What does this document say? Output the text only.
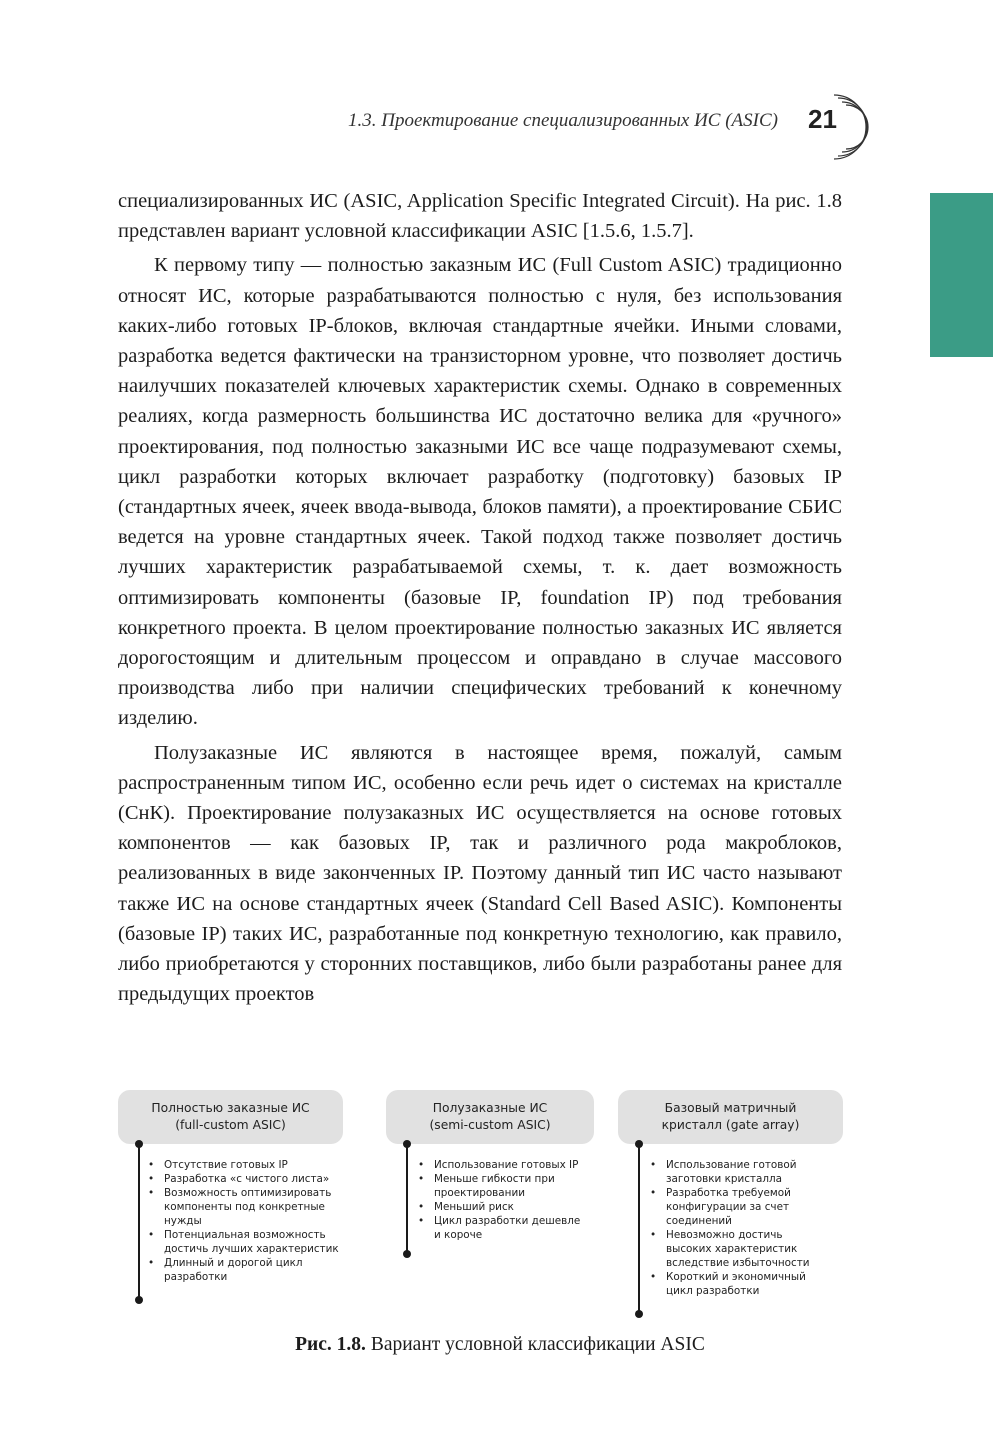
1.3. Проектирование специализированных ИС (ASIC) 21

специализированных ИС (ASIC, Application Specific Integrated Circuit). На рис. 1.8 представлен вариант условной классификации ASIC [1.5.6, 1.5.7].

К первому типу — полностью заказным ИС (Full Custom ASIC) традиционно относят ИС, которые разрабатываются полностью с нуля, без использования каких-либо готовых IP-блоков, включая стандартные ячейки. Иными словами, разработка ведется фактически на транзисторном уровне, что позволяет достичь наилучших показателей ключевых характеристик схемы. Однако в современных реалиях, когда размерность большинства ИС достаточно велика для «ручного» проектирования, под полностью заказными ИС все чаще подразумевают схемы, цикл разработки которых включает разработку (подготовку) базовых IP (стандартных ячеек, ячеек ввода-вывода, блоков памяти), а проектирование СБИС ведется на уровне стандартных ячеек. Такой подход также позволяет достичь лучших характеристик разрабатываемой схемы, т. к. дает возможность оптимизировать компоненты (базовые IP, foundation IP) под требования конкретного проекта. В целом проектирование полностью заказных ИС является дорогостоящим и длительным процессом и оправдано в случае массового производства либо при наличии специфических требований к конечному изделию.

Полузаказные ИС являются в настоящее время, пожалуй, самым распространенным типом ИС, особенно если речь идет о системах на кристалле (СнК). Проектирование полузаказных ИС осуществляется на основе готовых компонентов — как базовых IP, так и различного рода макроблоков, реализованных в виде законченных IP. Поэтому данный тип ИС часто называют также ИС на основе стандартных ячеек (Standard Cell Based ASIC). Компоненты (базовые IP) таких ИС, разработанные под конкретную технологию, как правило, либо приобретаются у сторонних поставщиков, либо были разработаны ранее для предыдущих проектов

Полностью заказные ИС
(full-custom ASIC)
• Отсутствие готовых IP
• Разработка «с чистого листа»
• Возможность оптимизировать компоненты под конкретные нужды
• Потенциальная возможность достичь лучших характеристик
• Длинный и дорогой цикл разработки
Полузаказные ИС
(semi-custom ASIC)
• Использование готовых IP
• Меньше гибкости при проектировании
• Меньший риск
• Цикл разработки дешевле и короче
Базовый матричный
кристалл (gate array)
• Использование готовой заготовки кристалла
• Разработка требуемой конфигурации за счет соединений
• Невозможно достичь высоких характеристик вследствие избыточности
• Короткий и экономичный цикл разработки
Рис. 1.8. Вариант условной классификации ASIC
